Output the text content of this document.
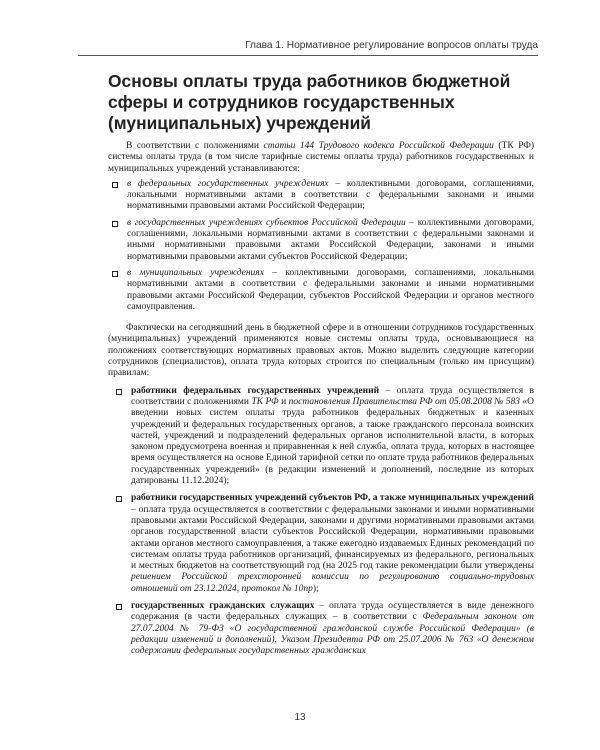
Глава 1. Нормативное регулирование вопросов оплаты труда
Основы оплаты труда работников бюджетной сферы и сотрудников государственных (муниципальных) учреждений

В соответствии с положениями статьи 144 Трудового кодекса Российской Федерации (ТК РФ) системы оплаты труда (в том числе тарифные системы оплаты труда) работников государственных и муниципальных учреждений устанавливаются:

в федеральных государственных учреждениях – коллективными договорами, соглашениями, локальными нормативными актами в соответствии с федеральными законами и иными нормативными правовыми актами Российской Федерации;
в государственных учреждениях субъектов Российской Федерации – коллективными договорами, соглашениями, локальными нормативными актами в соответствии с федеральными законами и иными нормативными правовыми актами Российской Федерации, законами и иными нормативными правовыми актами субъектов Российской Федерации;
в муниципальных учреждениях – коллективными договорами, соглашениями, локальными нормативными актами в соответствии с федеральными законами и иными нормативными правовыми актами Российской Федерации, субъектов Российской Федерации и органов местного самоуправления.

Фактически на сегодняшний день в бюджетной сфере и в отношении сотрудников государственных (муниципальных) учреждений применяются новые системы оплаты труда, основывающиеся на положениях соответствующих нормативных правовых актов. Можно выделить следующие категории сотрудников (специалистов), оплата труда которых строится по специальным (только им присущим) правилам:

работники федеральных государственных учреждений – оплата труда осуществляется в соответствии с положениями ТК РФ и постановления Правительства РФ от 05.08.2008 № 583 «О введении новых систем оплаты труда работников федеральных бюджетных и казенных учреждений и федеральных государственных органов, а также гражданского персонала воинских частей, учреждений и подразделений федеральных органов исполнительной власти, в которых законом предусмотрена военная и приравненная к ней служба, оплата труда, которых в настоящее время осуществляется на основе Единой тарифной сетки по оплате труда работников федеральных государственных учреждений» (в редакции изменений и дополнений, последние из которых датированы 11.12.2024);
работники государственных учреждений субъектов РФ, а также муниципальных учреждений – оплата труда осуществляется в соответствии с федеральными законами и иными нормативными правовыми актами Российской Федерации, законами и другими нормативными правовыми актами органов государственной власти субъектов Российской Федерации, нормативными правовыми актами органов местного самоуправления, а также ежегодно издаваемых Единых рекомендаций по системам оплаты труда работников организаций, финансируемых из федерального, региональных и местных бюджетов на соответствующий год (на 2025 год такие рекомендации были утверждены решением Российской трехсторонней комиссии по регулированию социально-трудовых отношений от 23.12.2024, протокол № 10пр);
государственных гражданских служащих – оплата труда осуществляется в виде денежного содержания (в части федеральных служащих – в соответствии с Федеральным законом от 27.07.2004 № 79-ФЗ «О государственной гражданской службе Российской Федерации» (в редакции изменений и дополнений), Указом Президента РФ от 25.07.2006 № 763 «О денежном содержании федеральных государственных гражданских
13
